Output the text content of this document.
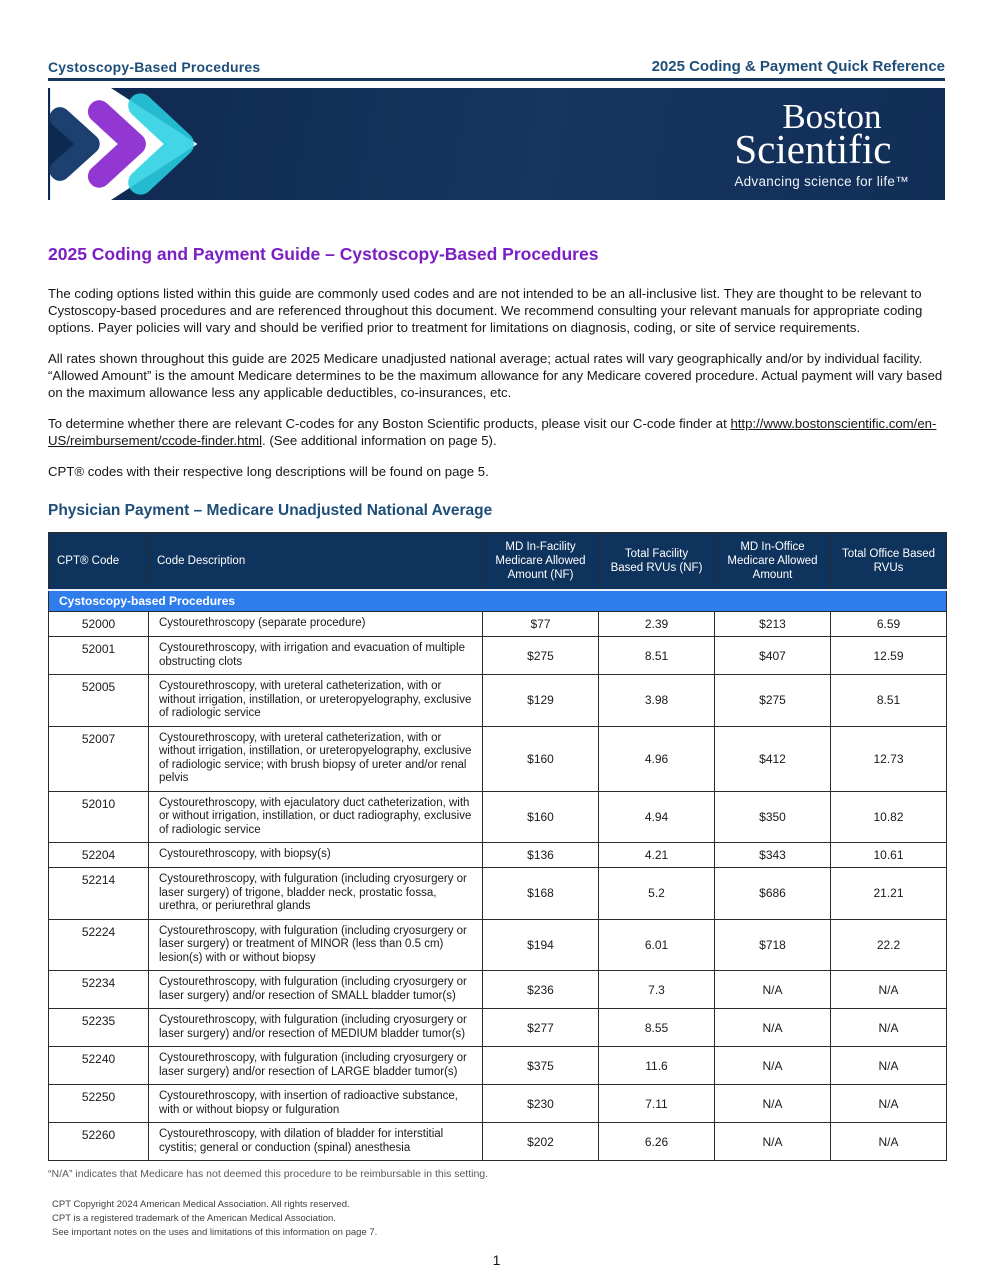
Cystoscopy-Based Procedures	2025 Coding & Payment Quick Reference
Boston
Scientific
Advancing science for life™
2025 Coding and Payment Guide – Cystoscopy-Based Procedures
The coding options listed within this guide are commonly used codes and are not intended to be an all-inclusive list. They are thought to be relevant to Cystoscopy-based procedures and are referenced throughout this document. We recommend consulting your relevant manuals for appropriate coding options. Payer policies will vary and should be verified prior to treatment for limitations on diagnosis, coding, or site of service requirements.
All rates shown throughout this guide are 2025 Medicare unadjusted national average; actual rates will vary geographically and/or by individual facility. “Allowed Amount” is the amount Medicare determines to be the maximum allowance for any Medicare covered procedure. Actual payment will vary based on the maximum allowance less any applicable deductibles, co-insurances, etc.
To determine whether there are relevant C-codes for any Boston Scientific products, please visit our C-code finder at http://www.bostonscientific.com/en-US/reimbursement/ccode-finder.html. (See additional information on page 5).
CPT® codes with their respective long descriptions will be found on page 5.
Physician Payment – Medicare Unadjusted National Average
CPT® Code	Code Description	MD In-Facility Medicare Allowed Amount (NF)	Total Facility Based RVUs (NF)	MD In-Office Medicare Allowed Amount	Total Office Based RVUs
Cystoscopy-based Procedures					
52000	Cystourethroscopy (separate procedure)	$77	2.39	$213	6.59
52001	Cystourethroscopy, with irrigation and evacuation of multiple obstructing clots	$275	8.51	$407	12.59
52005	Cystourethroscopy, with ureteral catheterization, with or without irrigation, instillation, or ureteropyelography, exclusive of radiologic service	$129	3.98	$275	8.51
52007	Cystourethroscopy, with ureteral catheterization, with or without irrigation, instillation, or ureteropyelography, exclusive of radiologic service; with brush biopsy of ureter and/or renal pelvis	$160	4.96	$412	12.73
52010	Cystourethroscopy, with ejaculatory duct catheterization, with or without irrigation, instillation, or duct radiography, exclusive of radiologic service	$160	4.94	$350	10.82
52204	Cystourethroscopy, with biopsy(s)	$136	4.21	$343	10.61
52214	Cystourethroscopy, with fulguration (including cryosurgery or laser surgery) of trigone, bladder neck, prostatic fossa, urethra, or periurethral glands	$168	5.2	$686	21.21
52224	Cystourethroscopy, with fulguration (including cryosurgery or laser surgery) or treatment of MINOR (less than 0.5 cm) lesion(s) with or without biopsy	$194	6.01	$718	22.2
52234	Cystourethroscopy, with fulguration (including cryosurgery or laser surgery) and/or resection of SMALL bladder tumor(s)	$236	7.3	N/A	N/A
52235	Cystourethroscopy, with fulguration (including cryosurgery or laser surgery) and/or resection of MEDIUM bladder tumor(s)	$277	8.55	N/A	N/A
52240	Cystourethroscopy, with fulguration (including cryosurgery or laser surgery) and/or resection of LARGE bladder tumor(s)	$375	11.6	N/A	N/A
52250	Cystourethroscopy, with insertion of radioactive substance, with or without biopsy or fulguration	$230	7.11	N/A	N/A
52260	Cystourethroscopy, with dilation of bladder for interstitial cystitis; general or conduction (spinal) anesthesia	$202	6.26	N/A	N/A
“N/A” indicates that Medicare has not deemed this procedure to be reimbursable in this setting.
CPT Copyright 2024 American Medical Association. All rights reserved.
CPT is a registered trademark of the American Medical Association.
See important notes on the uses and limitations of this information on page 7.
1
